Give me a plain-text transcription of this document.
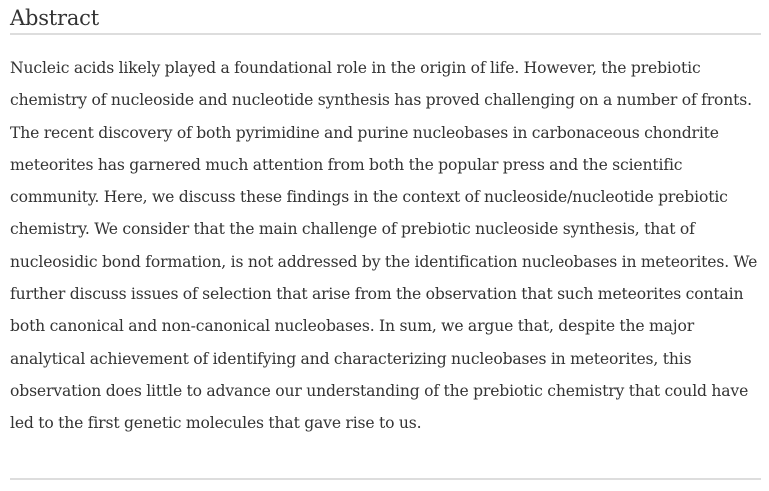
Abstract

Nucleic acids likely played a foundational role in the origin of life. However, the prebiotic chemistry of nucleoside and nucleotide synthesis has proved challenging on a number of fronts. The recent discovery of both pyrimidine and purine nucleobases in carbonaceous chondrite meteorites has garnered much attention from both the popular press and the scientific community. Here, we discuss these findings in the context of nucleoside/nucleotide prebiotic chemistry. We consider that the main challenge of prebiotic nucleoside synthesis, that of nucleosidic bond formation, is not addressed by the identification nucleobases in meteorites. We further discuss issues of selection that arise from the observation that such meteorites contain both canonical and non-canonical nucleobases. In sum, we argue that, despite the major analytical achievement of identifying and characterizing nucleobases in meteorites, this observation does little to advance our understanding of the prebiotic chemistry that could have led to the first genetic molecules that gave rise to us.
